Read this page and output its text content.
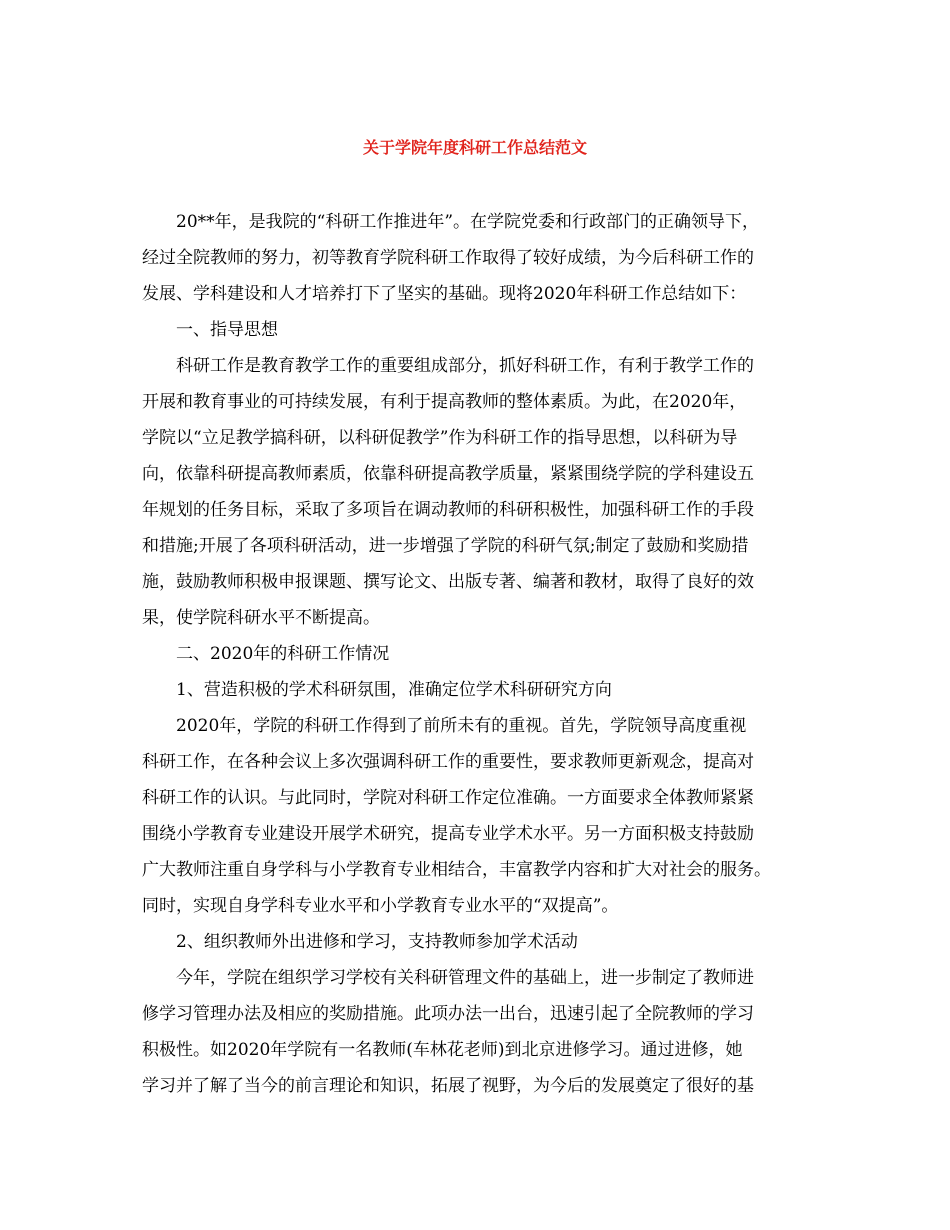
关于学院年度科研工作总结范文
20**年，是我院的“科研工作推进年”。在学院党委和行政部门的正确领导下，
经过全院教师的努力，初等教育学院科研工作取得了较好成绩，为今后科研工作的
发展、学科建设和人才培养打下了坚实的基础。现将2020年科研工作总结如下：
一、指导思想
科研工作是教育教学工作的重要组成部分，抓好科研工作，有利于教学工作的
开展和教育事业的可持续发展，有利于提高教师的整体素质。为此，在2020年，
学院以“立足教学搞科研，以科研促教学”作为科研工作的指导思想，以科研为导
向，依靠科研提高教师素质，依靠科研提高教学质量，紧紧围绕学院的学科建设五
年规划的任务目标，采取了多项旨在调动教师的科研积极性，加强科研工作的手段
和措施;开展了各项科研活动，进一步增强了学院的科研气氛;制定了鼓励和奖励措
施，鼓励教师积极申报课题、撰写论文、出版专著、编著和教材，取得了良好的效
果，使学院科研水平不断提高。
二、2020年的科研工作情况
1、营造积极的学术科研氛围，准确定位学术科研研究方向
2020年，学院的科研工作得到了前所未有的重视。首先，学院领导高度重视
科研工作，在各种会议上多次强调科研工作的重要性，要求教师更新观念，提高对
科研工作的认识。与此同时，学院对科研工作定位准确。一方面要求全体教师紧紧
围绕小学教育专业建设开展学术研究，提高专业学术水平。另一方面积极支持鼓励
广大教师注重自身学科与小学教育专业相结合，丰富教学内容和扩大对社会的服务。
同时，实现自身学科专业水平和小学教育专业水平的“双提高”。
2、组织教师外出进修和学习，支持教师参加学术活动
今年，学院在组织学习学校有关科研管理文件的基础上，进一步制定了教师进
修学习管理办法及相应的奖励措施。此项办法一出台，迅速引起了全院教师的学习
积极性。如2020年学院有一名教师(车林花老师)到北京进修学习。通过进修，她
学习并了解了当今的前言理论和知识，拓展了视野，为今后的发展奠定了很好的基
